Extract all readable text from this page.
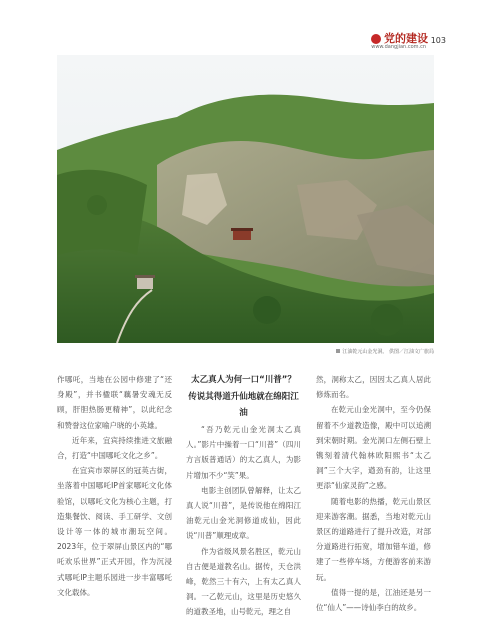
党的建设
www.dangjian.com.cn
103
江油乾元山金光洞。 供图／江油文广旅局

作哪吒，当地在公园中修建了“还身殿”，并书楹联“藕暑安魂无反顾，肝胆热肠更精神”，以此纪念和赞誉这位家喻户晓的小英雄。

近年来，宜宾持续推进文旅融合，打造“中国哪吒文化之乡”。

在宜宾市翠屏区的冠英古街，坐落着中国哪吒IP首家哪吒文化体验馆，以哪吒文化为核心主题，打造集餐饮、阅读、手工研学、文创设计等一体的城市潮玩空间。2023年，位于翠屏山景区内的“哪吒欢乐世界”正式开园，作为沉浸式哪吒IP主题乐园进一步丰富哪吒文化载体。

太乙真人为何一口“川普”？
传说其得道升仙地就在绵阳江油

“吾乃乾元山金光洞太乙真人。”影片中操着一口“川普”（四川方言版普通话）的太乙真人，为影片增加不少“笑”果。

电影主创团队曾解释，让太乙真人说“川普”，是传说他在绵阳江油乾元山金光洞修道成仙，因此说“川普”顺理成章。

作为省级风景名胜区，乾元山自古便是道教名山。据传，天仓洪峰，乾然三十有六，上有太乙真人洞。一乙乾元山，这里是历史悠久的道教圣地，山号乾元，理之自

然，洞称太乙，因因太乙真人居此修炼而名。

在乾元山金光洞中，至今仍保留着不少道教造像，殿中可以追溯到宋朝时期。金光洞口左侧石壁上镌刻着清代翰林欧阳熙书“太乙洞”三个大字，遒劲有韵，让这里更添“仙家灵韵”之感。

随着电影的热播，乾元山景区迎来游客潮。据悉，当地对乾元山景区的道路进行了提升改造，对部分道路进行拓宽，增加错车道，修建了一些停车场，方便游客前来游玩。

值得一提的是，江油还是另一位“仙人”——诗仙李白的故乡。
